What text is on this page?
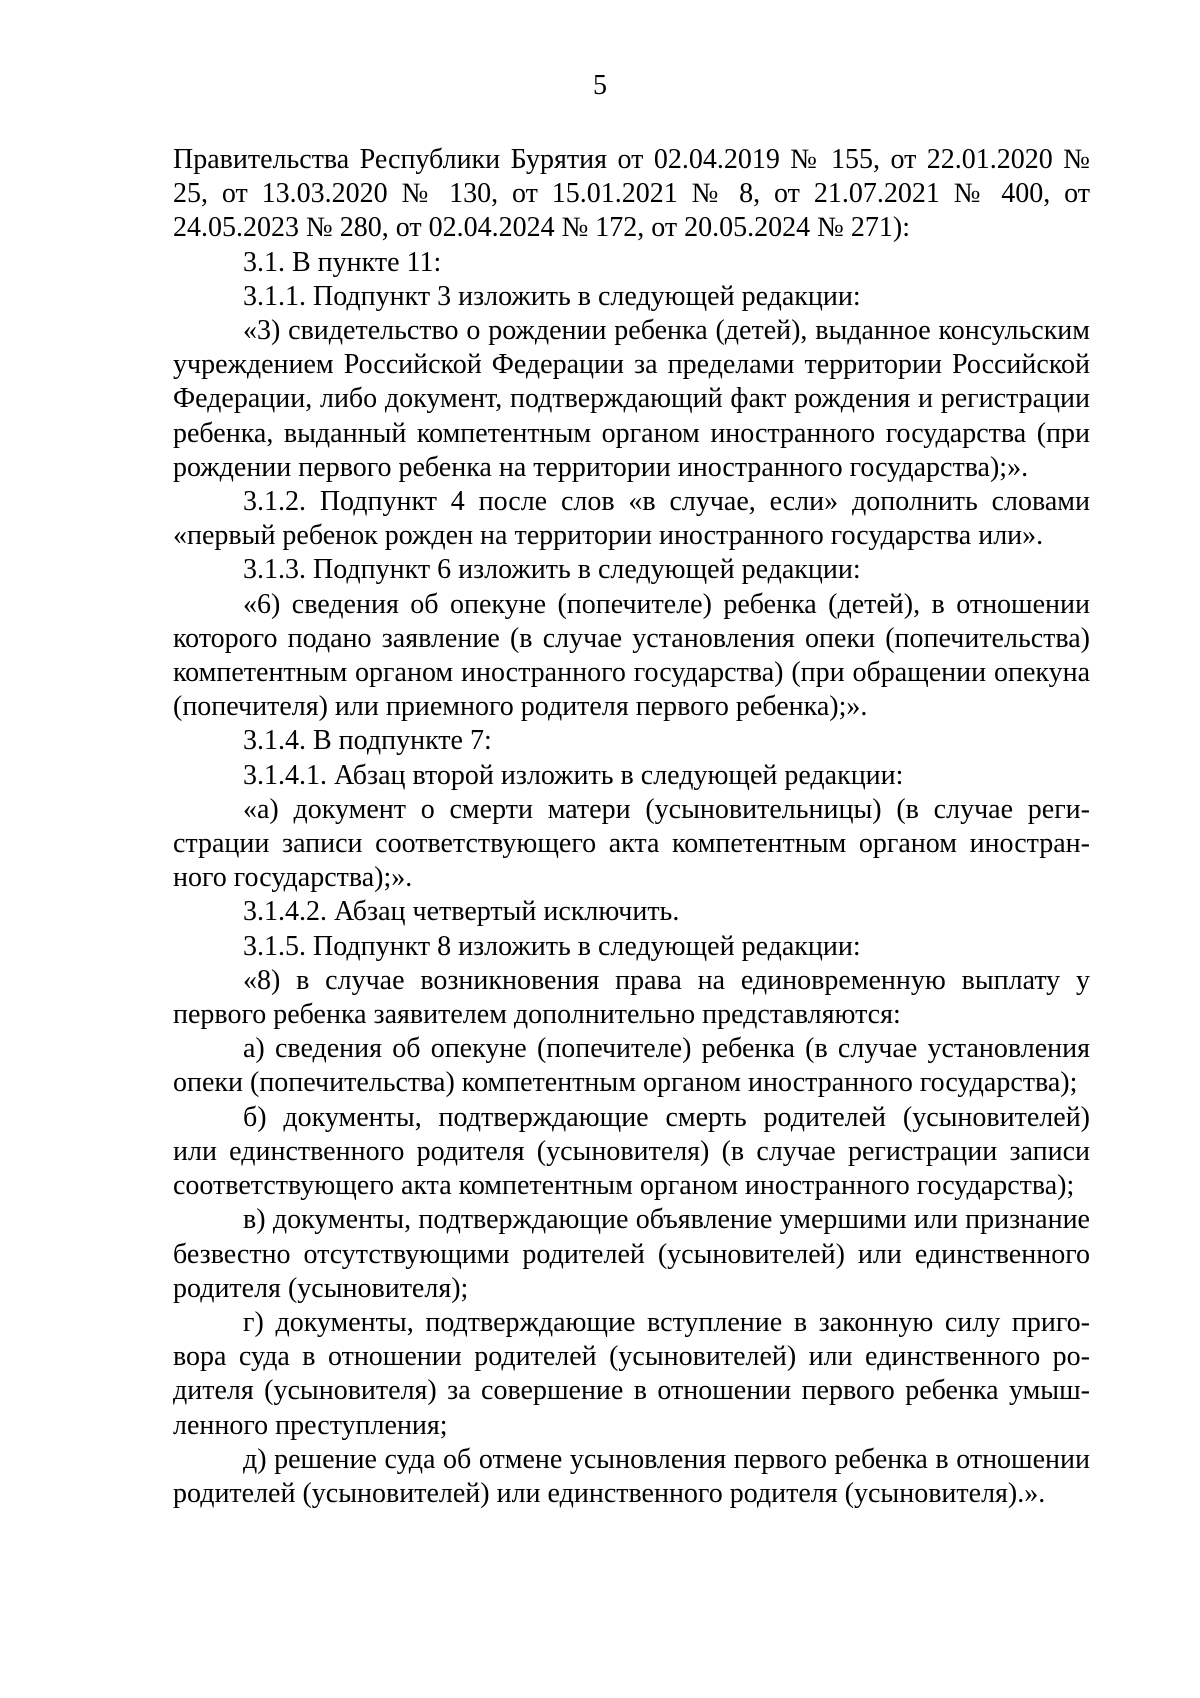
5

Правительства Республики Бурятия от 02.04.2019 № 155, от 22.01.2020 № 25, от 13.03.2020 № 130, от 15.01.2021 № 8, от 21.07.2021 № 400, от 24.05.2023 № 280, от 02.04.2024 № 172, от 20.05.2024 № 271):

3.1. В пункте 11:

3.1.1. Подпункт 3 изложить в следующей редакции:

«3) свидетельство о рождении ребенка (детей), выданное консульским учреждением Российской Федерации за пределами территории Российской Федерации, либо документ, подтверждающий факт рождения и регистрации ребенка, выданный компетентным органом иностранного государства (при рождении первого ребенка на территории иностранного государства);».

3.1.2. Подпункт 4 после слов «в случае, если» дополнить словами «первый ребенок рожден на территории иностранного государства или».

3.1.3. Подпункт 6 изложить в следующей редакции:

«6) сведения об опекуне (попечителе) ребенка (детей), в отношении которого подано заявление (в случае установления опеки (попечительства) компетентным органом иностранного государства) (при обращении опекуна (попечителя) или приемного родителя первого ребенка);».

3.1.4. В подпункте 7:

3.1.4.1. Абзац второй изложить в следующей редакции:

«а) документ о смерти матери (усыновительницы) (в случае регистрации записи соответствующего акта компетентным органом иностранного государства);».

3.1.4.2. Абзац четвертый исключить.

3.1.5. Подпункт 8 изложить в следующей редакции:

«8) в случае возникновения права на единовременную выплату у первого ребенка заявителем дополнительно представляются:

а) сведения об опекуне (попечителе) ребенка (в случае установления опеки (попечительства) компетентным органом иностранного государства);

б) документы, подтверждающие смерть родителей (усыновителей) или единственного родителя (усыновителя) (в случае регистрации записи соответствующего акта компетентным органом иностранного государства);

в) документы, подтверждающие объявление умершими или признание безвестно отсутствующими родителей (усыновителей) или единственного родителя (усыновителя);

г) документы, подтверждающие вступление в законную силу приговора суда в отношении родителей (усыновителей) или единственного родителя (усыновителя) за совершение в отношении первого ребенка умышленного преступления;

д) решение суда об отмене усыновления первого ребенка в отношении родителей (усыновителей) или единственного родителя (усыновителя).».
